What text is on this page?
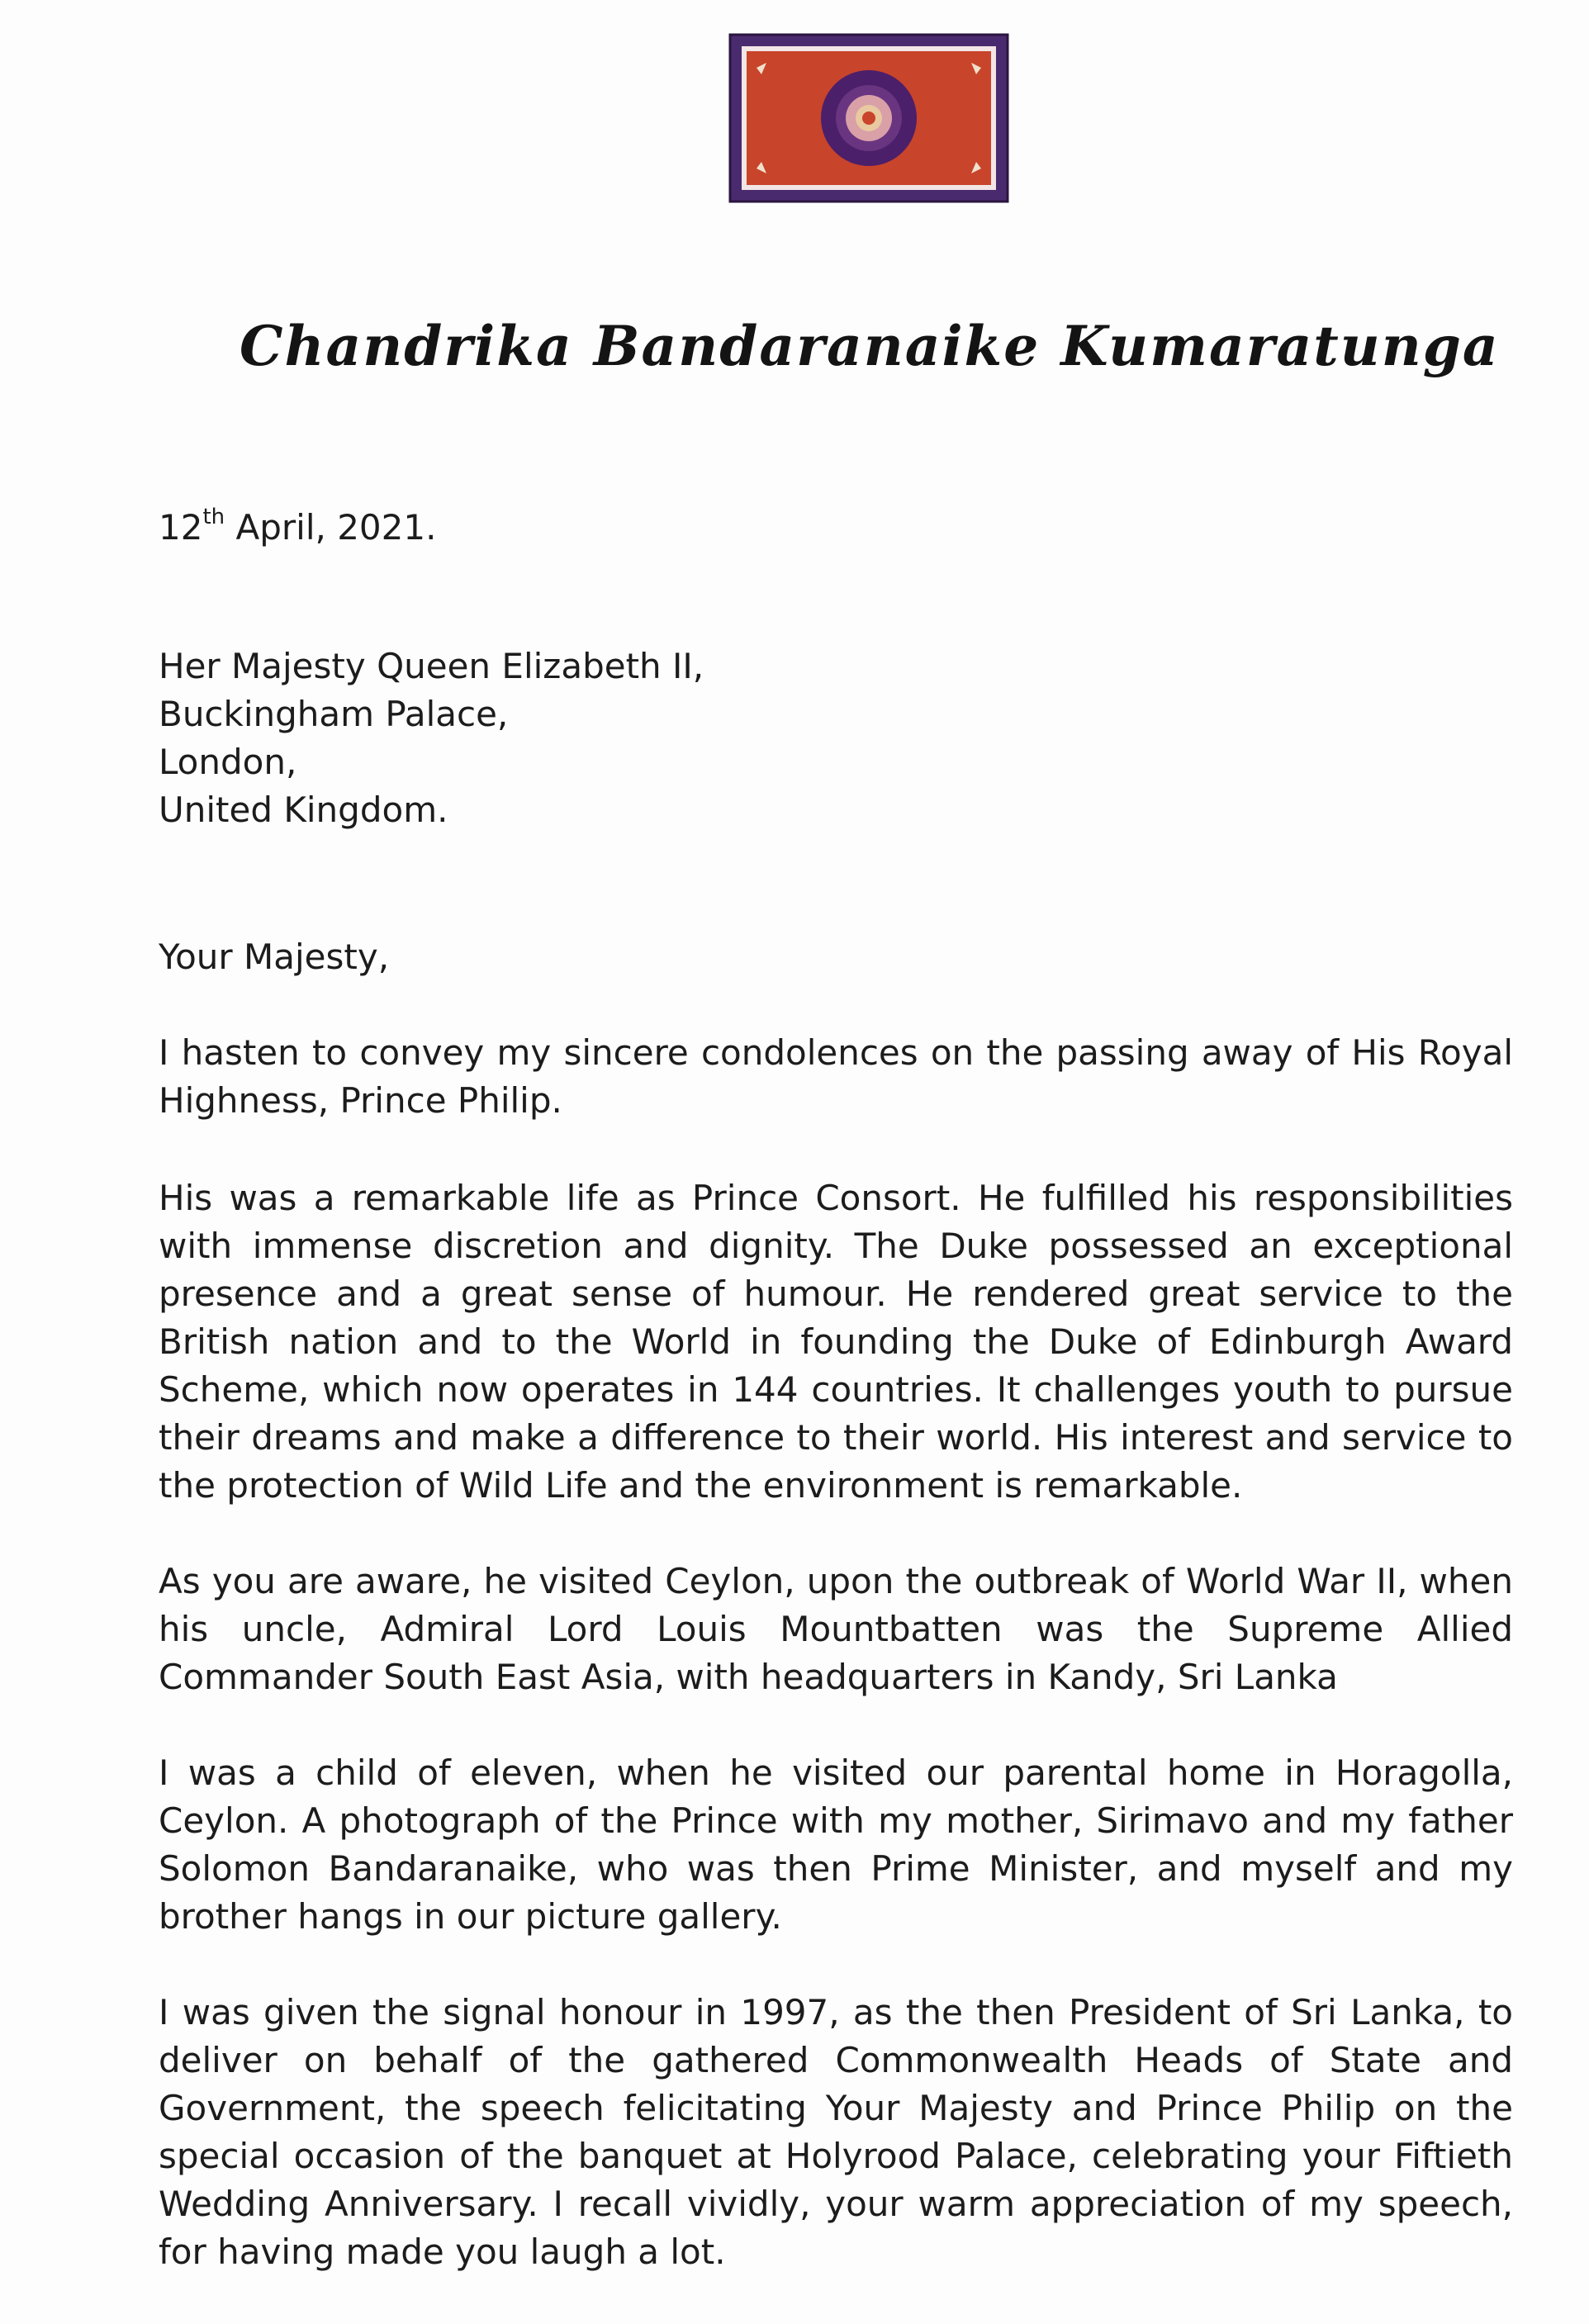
Chandrika Bandaranaike Kumaratunga
12th April, 2021.
Her Majesty Queen Elizabeth II,
Buckingham Palace,
London,
United Kingdom.
Your Majesty,
I hasten to convey my sincere condolences on the passing away of His Royal Highness, Prince Philip.
His was a remarkable life as Prince Consort. He fulfilled his responsibilities with immense discretion and dignity. The Duke possessed an exceptional presence and a great sense of humour. He rendered great service to the British nation and to the World in founding the Duke of Edinburgh Award Scheme, which now operates in 144 countries. It challenges youth to pursue their dreams and make a difference to their world. His interest and service to the protection of Wild Life and the environment is remarkable.
As you are aware, he visited Ceylon, upon the outbreak of World War II, when his uncle, Admiral Lord Louis Mountbatten was the Supreme Allied Commander South East Asia, with headquarters in Kandy, Sri Lanka
I was a child of eleven, when he visited our parental home in Horagolla, Ceylon. A photograph of the Prince with my mother, Sirimavo and my father Solomon Bandaranaike, who was then Prime Minister, and myself and my brother hangs in our picture gallery.
I was given the signal honour in 1997, as the then President of Sri Lanka, to deliver on behalf of the gathered Commonwealth Heads of State and Government, the speech felicitating Your Majesty and Prince Philip on the special occasion of the banquet at Holyrood Palace, celebrating your Fiftieth Wedding Anniversary. I recall vividly, your warm appreciation of my speech, for having made you laugh a lot.
